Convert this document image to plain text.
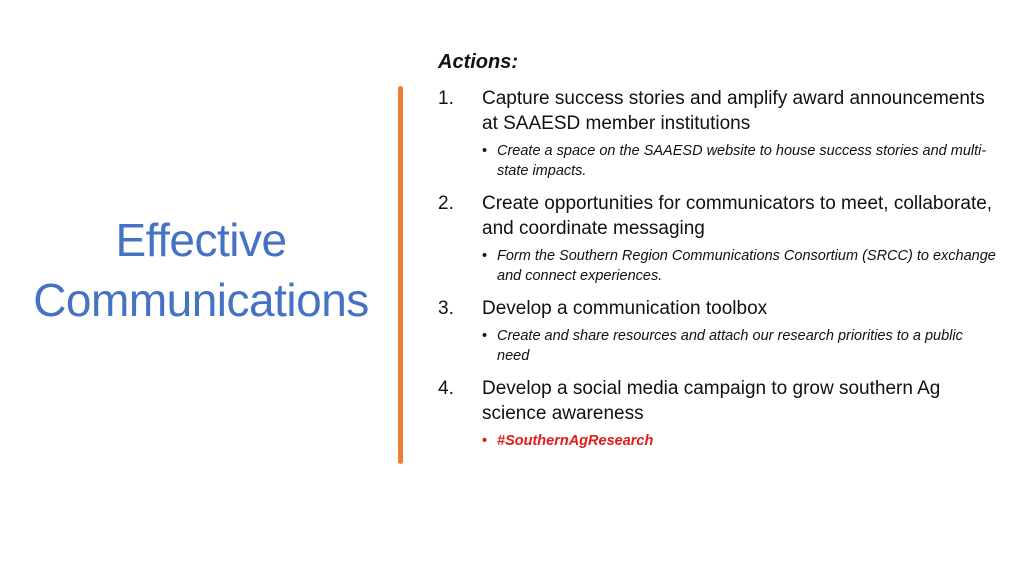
Effective
Communications
Actions:
1. Capture success stories and amplify award announcements at SAAESD member institutions
• Create a space on the SAAESD website to house success stories and multi-state impacts.
2. Create opportunities for communicators to meet, collaborate, and coordinate messaging
• Form the Southern Region Communications Consortium (SRCC) to exchange and connect experiences.
3. Develop a communication toolbox
• Create and share resources and attach our research priorities to a public need
4. Develop a social media campaign to grow southern Ag science awareness
• #SouthernAgResearch
